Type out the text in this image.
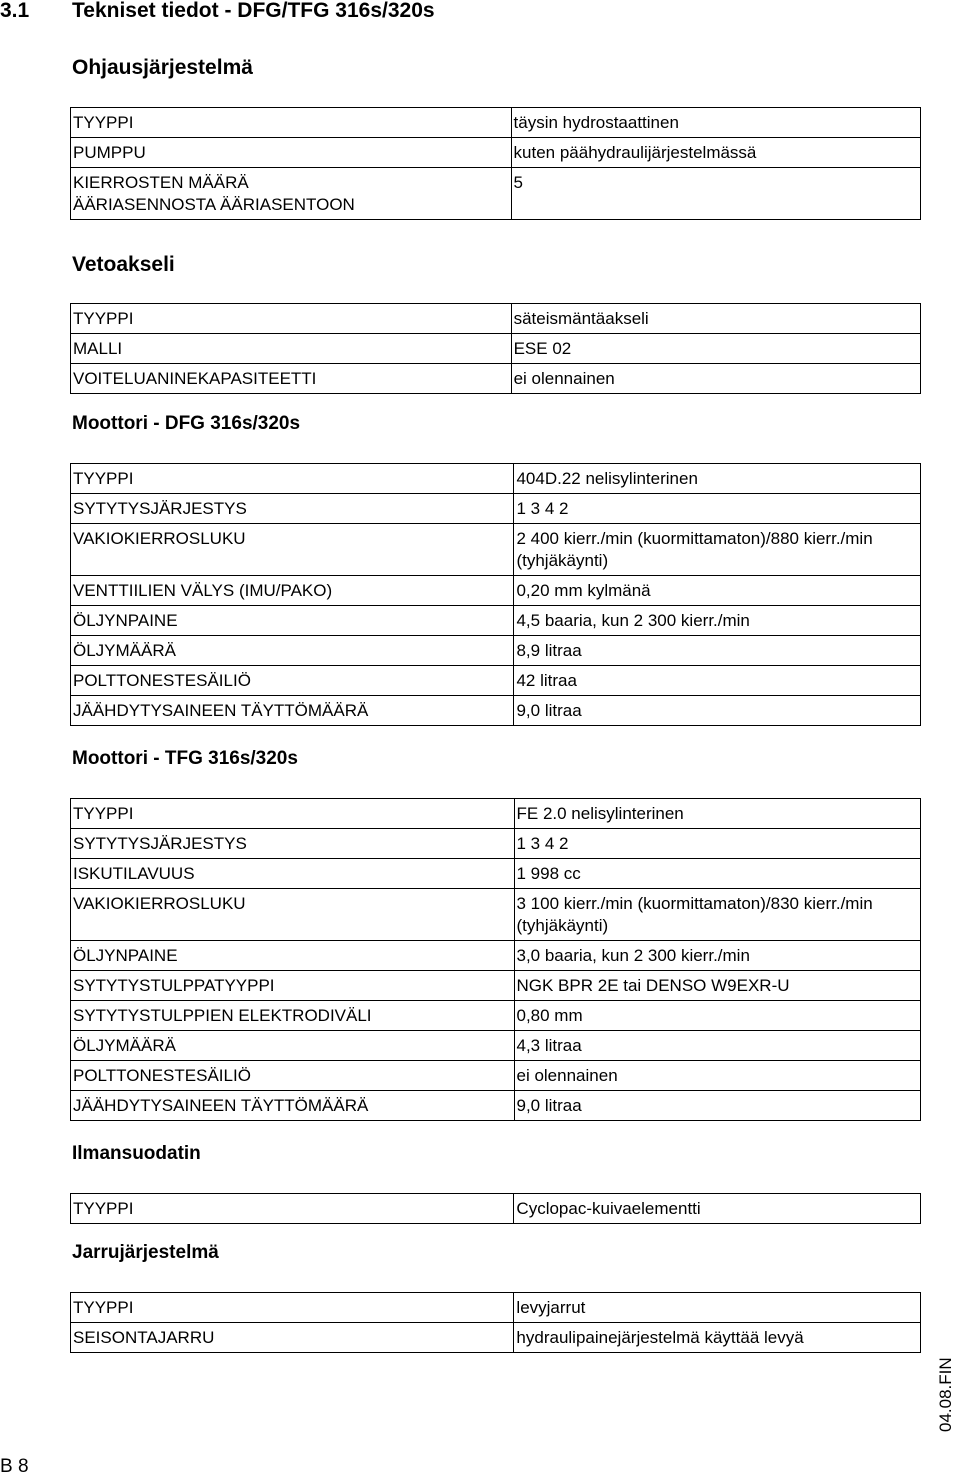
3.1 Tekniset tiedot - DFG/TFG 316s/320s
Ohjausjärjestelmä
TYYPPI	täysin hydrostaattinen
PUMPPU	kuten päähydraulijärjestelmässä
KIERROSTEN MÄÄRÄ ÄÄRIASENNOSTA ÄÄRIASENTOON	5
Vetoakseli
TYYPPI	säteismäntäakseli
MALLI	ESE 02
VOITELUANINEKAPASITEETTI	ei olennainen
Moottori - DFG 316s/320s
TYYPPI	404D.22 nelisylinterinen
SYTYTYSJÄRJESTYS	1 3 4 2
VAKIOKIERROSLUKU	2 400 kierr./min (kuormittamaton)/880 kierr./min (tyhjäkäynti)
VENTTIILIEN VÄLYS (IMU/PAKO)	0,20 mm kylmänä
ÖLJYNPAINE	4,5 baaria, kun 2 300 kierr./min
ÖLJYMÄÄRÄ	8,9 litraa
POLTTONESTESÄILIÖ	42 litraa
JÄÄHDYTYSAINEEN TÄYTTÖMÄÄRÄ	9,0 litraa
Moottori - TFG 316s/320s
TYYPPI	FE 2.0 nelisylinterinen
SYTYTYSJÄRJESTYS	1 3 4 2
ISKUTILAVUUS	1 998 cc
VAKIOKIERROSLUKU	3 100 kierr./min (kuormittamaton)/830 kierr./min (tyhjäkäynti)
ÖLJYNPAINE	3,0 baaria, kun 2 300 kierr./min
SYTYTYSTULPPATYYPPI	NGK BPR 2E tai DENSO W9EXR-U
SYTYTYSTULPPIEN ELEKTRODIVÄLI	0,80 mm
ÖLJYMÄÄRÄ	4,3 litraa
POLTTONESTESÄILIÖ	ei olennainen
JÄÄHDYTYSAINEEN TÄYTTÖMÄÄRÄ	9,0 litraa
Ilmansuodatin
TYYPPI	Cyclopac-kuivaelementti
Jarrujärjestelmä
TYYPPI	levyjarrut
SEISONTAJARRU	hydraulipainejärjestelmä käyttää levyä
04.08.FIN
B 8
